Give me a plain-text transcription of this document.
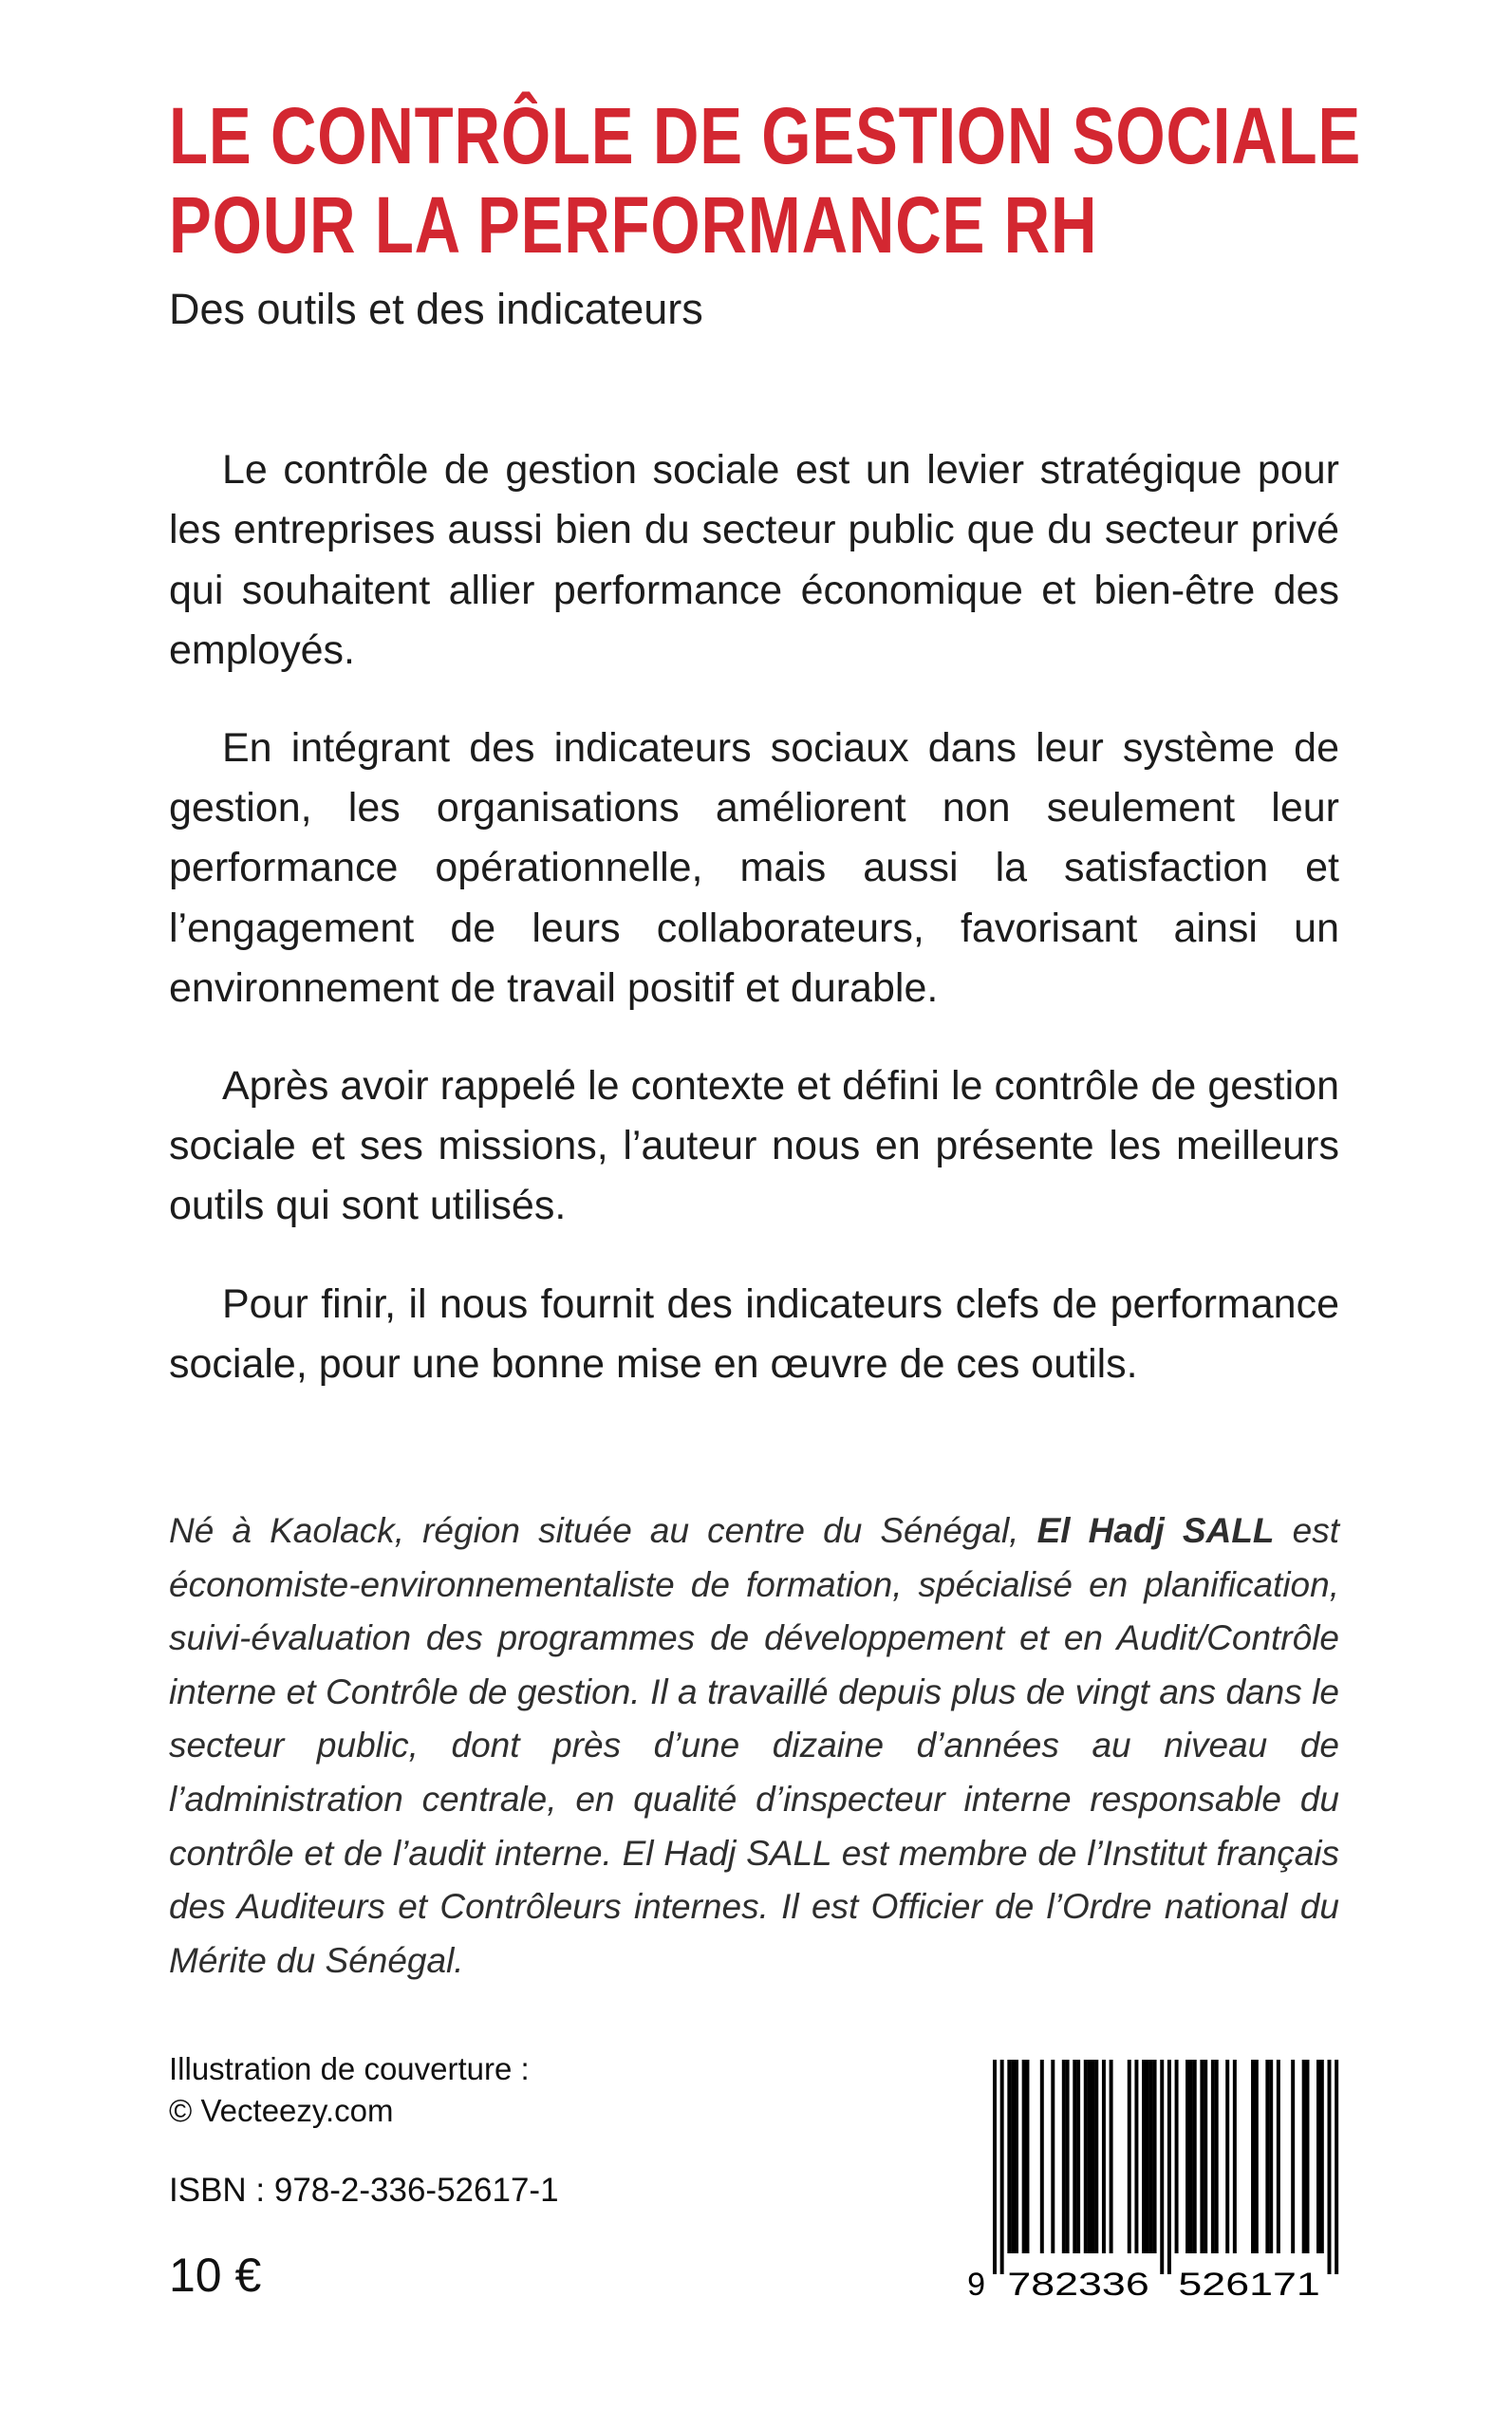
LE CONTRÔLE DE GESTION SOCIALE
POUR LA PERFORMANCE RH
Des outils et des indicateurs

Le contrôle de gestion sociale est un levier stratégique pour les entreprises aussi bien du secteur public que du secteur privé qui souhaitent allier performance économique et bien-être des employés.

En intégrant des indicateurs sociaux dans leur système de gestion, les organisations améliorent non seulement leur performance opérationnelle, mais aussi la satisfaction et l’engagement de leurs collaborateurs, favorisant ainsi un environnement de travail positif et durable.

Après avoir rappelé le contexte et défini le contrôle de gestion sociale et ses missions, l’auteur nous en présente les meilleurs outils qui sont utilisés.

Pour finir, il nous fournit des indicateurs clefs de performance sociale, pour une bonne mise en œuvre de ces outils.

Né à Kaolack, région située au centre du Sénégal, El Hadj SALL est économiste-environnementaliste de formation, spécialisé en planification, suivi-évaluation des programmes de développement et en Audit/Contrôle interne et Contrôle de gestion. Il a travaillé depuis plus de vingt ans dans le secteur public, dont près d’une dizaine d’années au niveau de l’administration centrale, en qualité d’inspecteur interne responsable du contrôle et de l’audit interne. El Hadj SALL est membre de l’Institut français des Auditeurs et Contrôleurs internes. Il est Officier de l’Ordre national du Mérite du Sénégal.

Illustration de couverture :
© Vecteezy.com
ISBN : 978-2-336-52617-1
10 €	9 782336 526171
